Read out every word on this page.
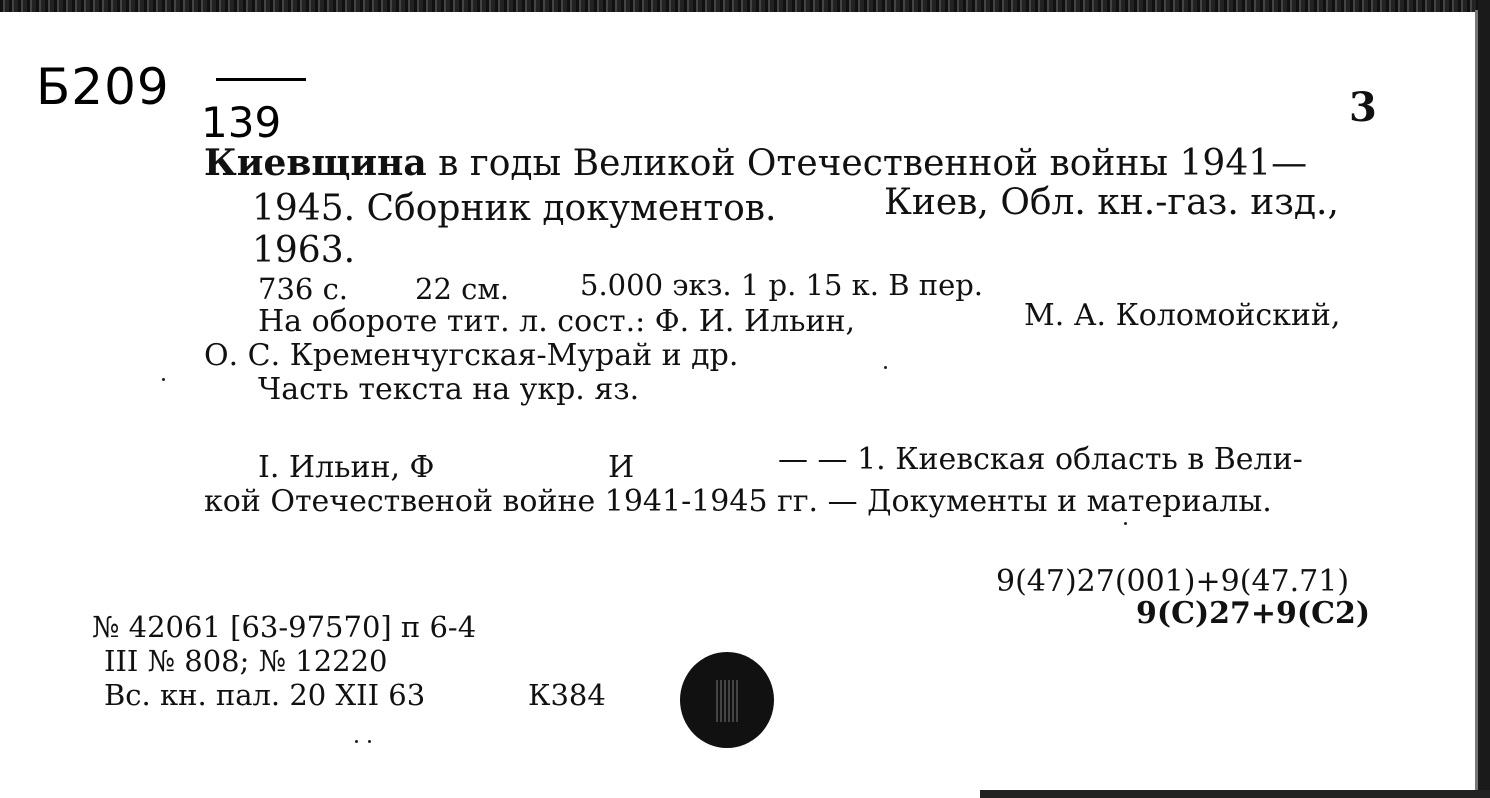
Б209
139	3
Киевщина в годы Великой Отечественной войны 1941—
1945. Сборник документов.	Киев, Обл. кн.-газ. изд.,
1963.
736 с. 22 см. 5.000 экз. 1 р. 15 к. В пер.
На обороте тит. л. сост.: Ф. И. Ильин,	М. А. Коломойский,
О. С. Кременчугская-Мурай и др.
Часть текста на укр. яз.
I. Ильин, Ф	И	— — 1. Киевская область в Вели-
кой Отечественой войне 1941-1945 гг. — Документы и материалы.
9(47)27(001)+9(47.71)
9(С)27+9(С2)
№ 42061 [63-97570] п 6-4
III № 808; № 12220
Вс. кн. пал. 20 XII 63	К384
